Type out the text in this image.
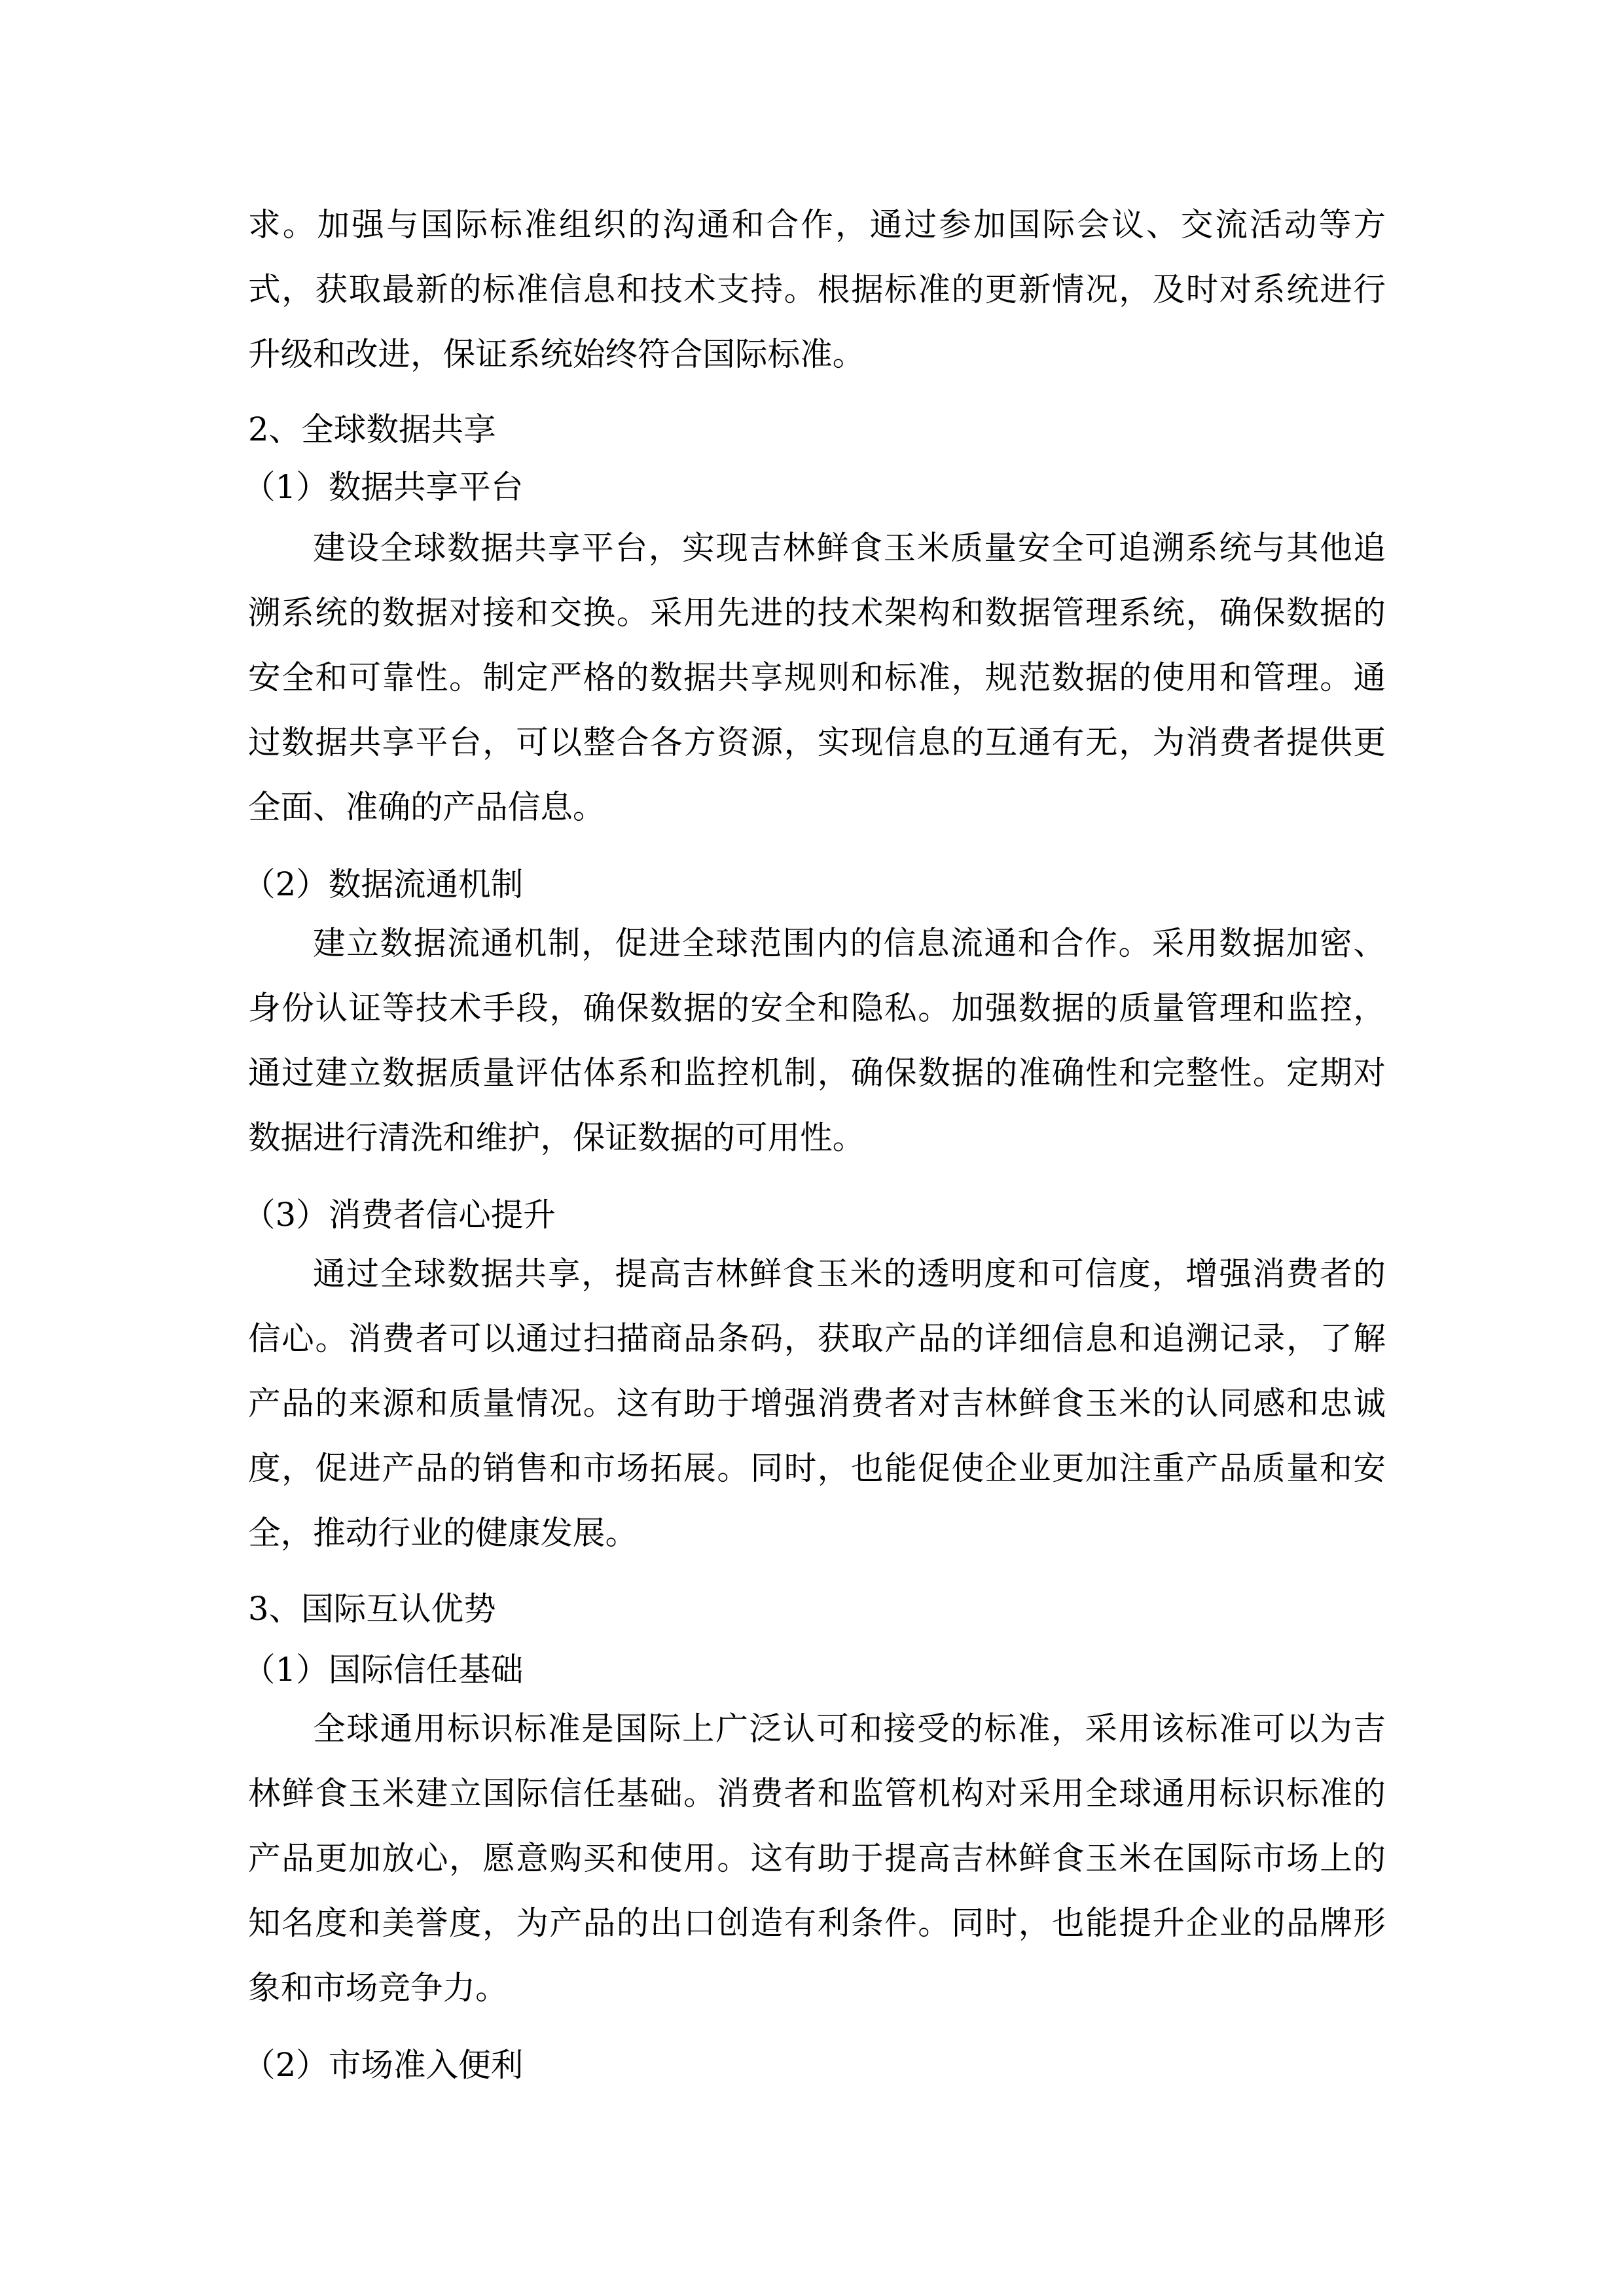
求。加强与国际标准组织的沟通和合作，通过参加国际会议、交流活动等方
式，获取最新的标准信息和技术支持。根据标准的更新情况，及时对系统进行
升级和改进，保证系统始终符合国际标准。
2、全球数据共享
（1）数据共享平台
建设全球数据共享平台，实现吉林鲜食玉米质量安全可追溯系统与其他追
溯系统的数据对接和交换。采用先进的技术架构和数据管理系统，确保数据的
安全和可靠性。制定严格的数据共享规则和标准，规范数据的使用和管理。通
过数据共享平台，可以整合各方资源，实现信息的互通有无，为消费者提供更
全面、准确的产品信息。
（2）数据流通机制
建立数据流通机制，促进全球范围内的信息流通和合作。采用数据加密、
身份认证等技术手段，确保数据的安全和隐私。加强数据的质量管理和监控，
通过建立数据质量评估体系和监控机制，确保数据的准确性和完整性。定期对
数据进行清洗和维护，保证数据的可用性。
（3）消费者信心提升
通过全球数据共享，提高吉林鲜食玉米的透明度和可信度，增强消费者的
信心。消费者可以通过扫描商品条码，获取产品的详细信息和追溯记录，了解
产品的来源和质量情况。这有助于增强消费者对吉林鲜食玉米的认同感和忠诚
度，促进产品的销售和市场拓展。同时，也能促使企业更加注重产品质量和安
全，推动行业的健康发展。
3、国际互认优势
（1）国际信任基础
全球通用标识标准是国际上广泛认可和接受的标准，采用该标准可以为吉
林鲜食玉米建立国际信任基础。消费者和监管机构对采用全球通用标识标准的
产品更加放心，愿意购买和使用。这有助于提高吉林鲜食玉米在国际市场上的
知名度和美誉度，为产品的出口创造有利条件。同时，也能提升企业的品牌形
象和市场竞争力。
（2）市场准入便利
